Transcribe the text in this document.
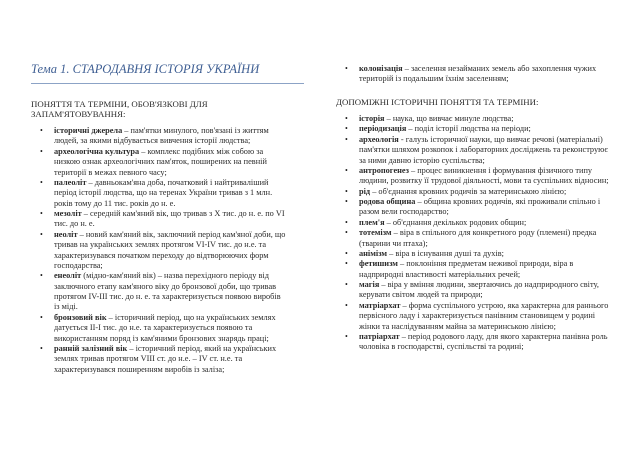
Тема 1. СТАРОДАВНЯ ІСТОРІЯ УКРАЇНИ
ПОНЯТТЯ ТА ТЕРМІНИ, ОБОВ'ЯЗКОВІ ДЛЯ ЗАПАМ'ЯТОВУВАННЯ:
ДОПОМІЖНІ ІСТОРИЧНІ ПОНЯТТЯ ТА ТЕРМІНИ:
• колонізація – заселення незайманих земель або захоплення чужих територій із подальшим їхнім заселенням;
• історичні джерела – пам'ятки минулого, пов'язані із життям людей, за якими відбувається вивчення історії людства;
• археологічна культура – комплекс подібних між собою за низкою ознак археологічних пам'яток, поширених на певній території в межах певного часу;
• палеоліт – давньокам'яна доба, початковий і найтриваліший період історії людства, що на теренах України тривав з 1 млн. років тому до 11 тис. років до н. е.
• мезоліт – середній кам'яний вік, що тривав з Х тис. до н. е. по VI тис. до н. е.
• неоліт – новий кам'яний вік, заключний період кам'яної доби, що тривав на українських землях протягом VI-IV тис. до н.е. та характеризувався початком переходу до відтворюючих форм господарства;
• енеоліт (мідно-кам'яний вік) – назва перехідного періоду від заключного етапу кам'яного віку до бронзової доби, що тривав протягом IV-III тис. до н. е. та характеризується появою виробів із міді.
• бронзовий вік – історичний період, що на українських землях датується ІІ-І тис. до н.е. та характеризується появою та використанням поряд із кам'яними бронзових знарядь праці;
• ранній залізний вік – історичний період, який на українських землях тривав протягом VIII ст. до н.е. – IV ст. н.е. та характеризувався поширенням виробів із заліза;
• історія – наука, що вивчає минуле людства;
• періодизація – поділ історії людства на періоди;
• археологія - галузь історичної науки, що вивчає речові (матеріальні) пам'ятки шляхом розкопок і лабораторних досліджень та реконструює за ними давню історію суспільства;
• антропогенез – процес виникнення і формування фізичного типу людини, розвитку її трудової діяльності, мови та суспільних відносин;
• рід – об'єднання кровних родичів за материнською лінією;
• родова община – община кровних родичів, які проживали спільно і разом вели господарство;
• плем'я – об'єднання декількох родових общин;
• тотемізм – віра в спільного для конкретного роду (племені) предка (тварини чи птаха);
• анімізм – віра в існування душі та духів;
• фетишизм – поклоніння предметам неживої природи, віра в надприродні властивості матеріальних речей;
• магія – віра у вміння людини, звертаючись до надприродного світу, керувати світом людей та природи;
• матріархат – форма суспільного устрою, яка характерна для раннього первісного ладу і характеризується панівним становищем у родині жінки та наслідуванням майна за материнською лінією;
• патріархат – період родового ладу, для якого характерна панівна роль чоловіка в господарстві, суспільстві та родині;
